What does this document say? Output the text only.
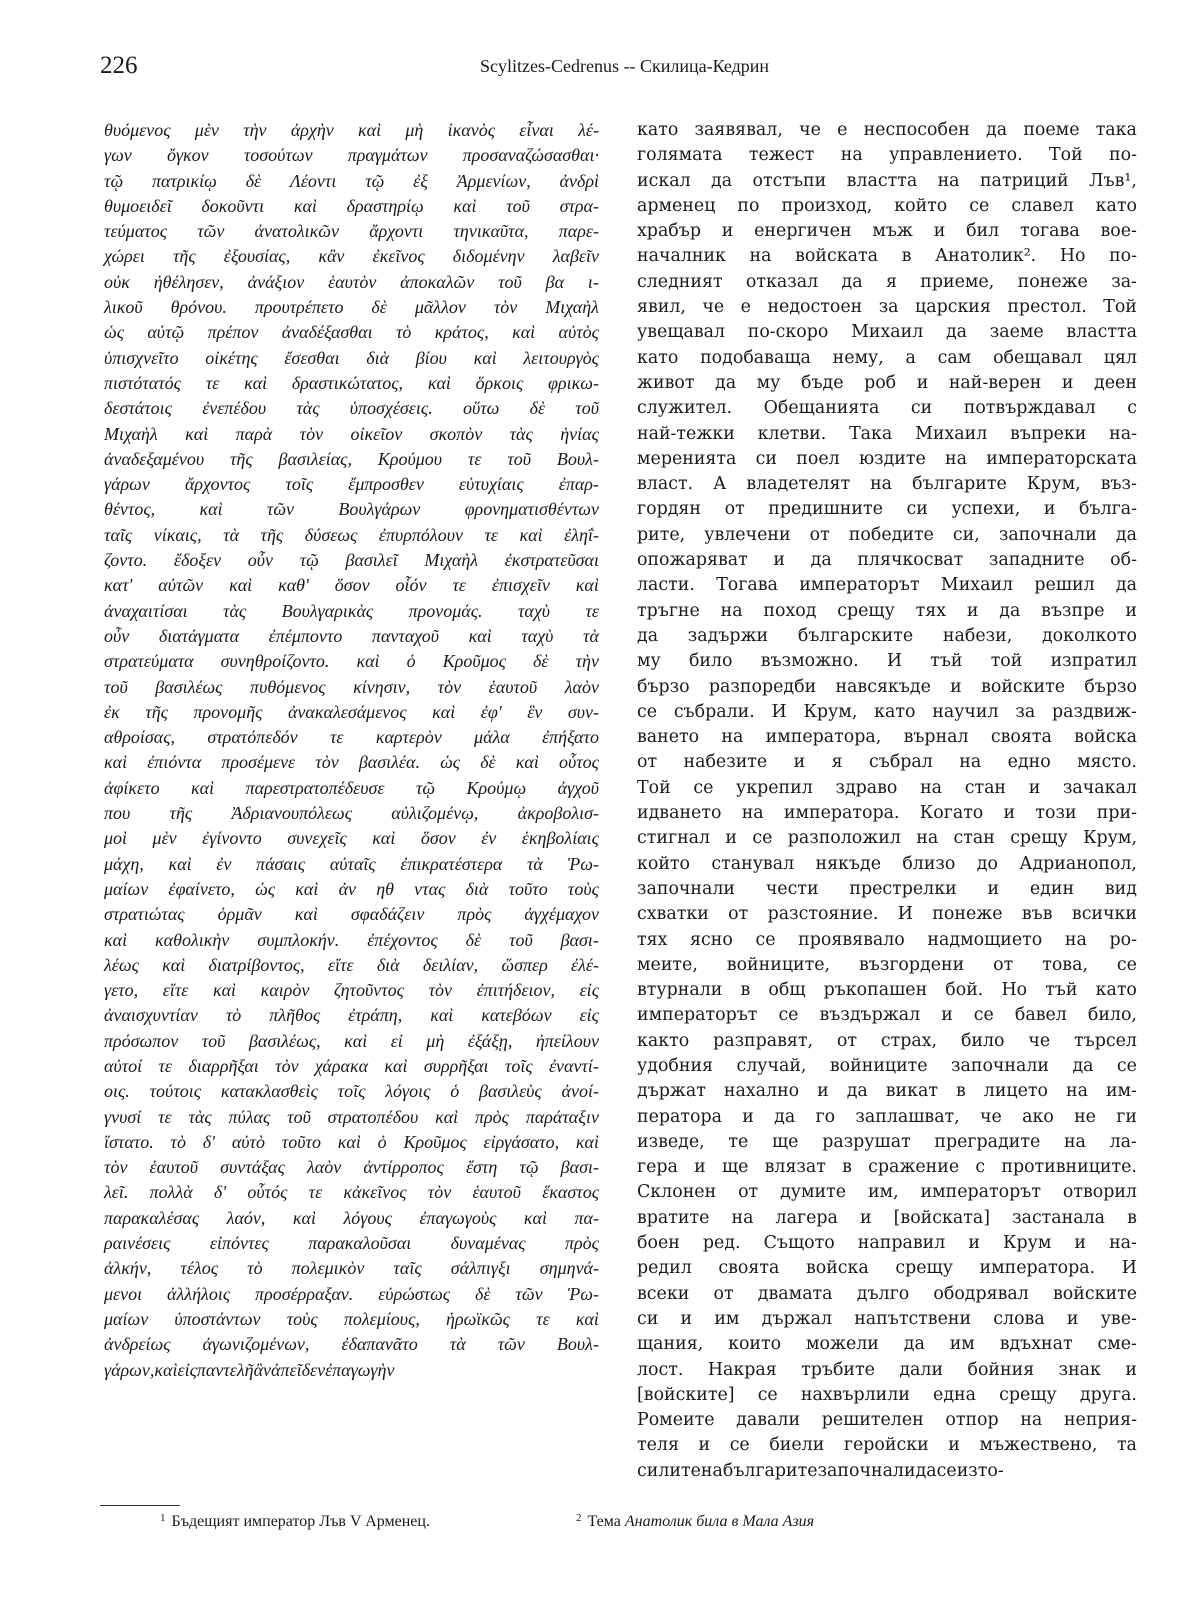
226	Scylitzes-Cedrenus -- Скилица-Кедрин
θυόμενος μὲν τὴν ἀρχὴν καὶ μὴ ἱκανὸς εἶναι λέ-
γων ὄγκον τοσούτων πραγμάτων προσαναζώσασθαι·
τῷ πατρικίῳ δὲ Λέοντι τῷ ἐξ Ἀρμενίων, ἀνδρὶ
θυμοειδεῖ δοκοῦντι καὶ δραστηρίῳ καὶ τοῦ στρα-
τεύματος τῶν ἀνατολικῶν ἄρχοντι τηνικαῦτα, παρε-
χώρει τῆς ἐξουσίας, κἂν ἐκεῖνος διδομένην λαβεῖν
οὐκ ἠθέλησεν, ἀνάξιον ἑαυτὸν ἀποκαλῶν τοῦ βα ι-
λικοῦ θρόνου. προυτρέπετο δὲ μᾶλλον τὸν Μιχαὴλ
ὡς αὐτῷ πρέπον ἀναδέξασθαι τὸ κράτος, καὶ αὐτὸς
ὑπισχνεῖτο οἰκέτης ἔσεσθαι διὰ βίου καὶ λειτουργὸς
πιστότατός τε καὶ δραστικώτατος, καὶ ὅρκοις φρικω-
δεστάτοις ἐνεπέδου τὰς ὑποσχέσεις. οὕτω δὲ τοῦ
Μιχαὴλ καὶ παρὰ τὸν οἰκεῖον σκοπὸν τὰς ἡνίας
ἀναδεξαμένου τῆς βασιλείας, Κρούμου τε τοῦ Βουλ-
γάρων ἄρχοντος τοῖς ἔμπροσθεν εὐτυχίαις ἐπαρ-
θέντος, καὶ τῶν Βουλγάρων φρονηματισθέντων
ταῖς νίκαις, τὰ τῆς δύσεως ἐπυρπόλουν τε καὶ ἐληΐ-
ζοντο. ἔδοξεν οὖν τῷ βασιλεῖ Μιχαὴλ ἐκστρατεῦσαι
κατ' αὐτῶν καὶ καθ' ὅσον οἷόν τε ἐπισχεῖν καὶ
ἀναχαιτίσαι τὰς Βουλγαρικὰς προνομάς. ταχὺ τε
οὖν διατάγματα ἐπέμποντο πανταχοῦ καὶ ταχὺ τὰ
στρατεύματα συνηθροίζοντο. καὶ ὁ Κροῦμος δὲ τὴν
τοῦ βασιλέως πυθόμενος κίνησιν, τὸν ἑαυτοῦ λαὸν
ἐκ τῆς προνομῆς ἀνακαλεσάμενος καὶ ἐφ' ἓν συν-
αθροίσας, στρατόπεδόν τε καρτερὸν μάλα ἐπήξατο
καὶ ἐπιόντα προσέμενε τὸν βασιλέα. ὡς δὲ καὶ οὗτος
ἀφίκετο καὶ παρεστρατοπέδευσε τῷ Κρούμῳ ἀγχοῦ
που τῆς Ἀδριανουπόλεως αὐλιζομένῳ, ἀκροβολισ-
μοὶ μὲν ἐγίνοντο συνεχεῖς καὶ ὅσον ἐν ἑκηβολίαις
μάχη, καὶ ἐν πάσαις αὐταῖς ἐπικρατέστερα τὰ Ῥω-
μαίων ἐφαίνετο, ὡς καὶ ἀν ηθ ντας διὰ τοῦτο τοὺς
στρατιώτας ὁρμᾶν καὶ σφαδάζειν πρὸς ἀγχέμαχον
καὶ καθολικὴν συμπλοκήν. ἐπέχοντος δὲ τοῦ βασι-
λέως καὶ διατρίβοντος, εἴτε διὰ δειλίαν, ὥσπερ ἐλέ-
γετο, εἴτε καὶ καιρὸν ζητοῦντος τὸν ἐπιτήδειον, εἰς
ἀναισχυντίαν τὸ πλῆθος ἐτράπη, καὶ κατεβόων εἰς
πρόσωπον τοῦ βασιλέως, καὶ εἰ μὴ ἐξάξῃ, ἠπείλουν
αὐτοί τε διαρρῆξαι τὸν χάρακα καὶ συρρῆξαι τοῖς ἐναντί-
οις. τούτοις κατακλασθεὶς τοῖς λόγοις ὁ βασιλεὺς ἀνοί-
γνυσί τε τὰς πύλας τοῦ στρατοπέδου καὶ πρὸς παράταξιν
ἵστατο. τὸ δ' αὐτὸ τοῦτο καὶ ὁ Κροῦμος εἰργάσατο, καὶ
τὸν ἑαυτοῦ συντάξας λαὸν ἀντίρροπος ἔστη τῷ βασι-
λεῖ. πολλὰ δ' οὗτός τε κἀκεῖνος τὸν ἑαυτοῦ ἕκαστος
παρακαλέσας λαόν, καὶ λόγους ἐπαγωγοὺς καὶ πα-
ραινέσεις εἰπόντες παρακαλοῦσαι δυναμένας πρὸς
ἀλκήν, τέλος τὸ πολεμικὸν ταῖς σάλπιγξι σημηνά-
μενοι ἀλλήλοις προσέρραξαν. εὐρώστως δὲ τῶν Ῥω-
μαίων ὑποστάντων τοὺς πολεμίους, ἡρωϊκῶς τε καὶ
ἀνδρείως ἀγωνιζομένων, ἐδαπανᾶτο τὰ τῶν Βουλ-
γάρων, καὶ εἰς παντελῆ ἂν ἀπεῖδεν ἐπαγωγὴν
като заявявал, че е неспособен да поеме така
голямата тежест на управлението. Той по-
искал да отстъпи властта на патриций Лъв¹,
арменец по произход, който се славел като
храбър и енергичен мъж и бил тогава вое-
началник на войската в Анатолик². Но по-
следният отказал да я приеме, понеже за-
явил, че е недостоен за царския престол. Той
увещавал по-скоро Михаил да заеме властта
като подобаваща нему, а сам обещавал цял
живот да му бъде роб и най-верен и деен
служител. Обещанията си потвърждавал с
най-тежки клетви. Така Михаил въпреки на-
меренията си поел юздите на императорската
власт. А владетелят на българите Крум, въз-
гордян от предишните си успехи, и бълга-
рите, увлечени от победите си, започнали да
опожаряват и да плячкосват западните об-
ласти. Тогава императорът Михаил решил да
тръгне на поход срещу тях и да възпре и
да задържи българските набези, доколкото
му било възможно. И тъй той изпратил
бързо разпоредби навсякъде и войските бързо
се събрали. И Крум, като научил за раздвиж-
ването на императора, върнал своята войска
от набезите и я събрал на едно място.
Той се укрепил здраво на стан и зачакал
идването на императора. Когато и този при-
стигнал и се разположил на стан срещу Крум,
който станувал някъде близо до Адрианопол,
започнали чести престрелки и един вид
схватки от разстояние. И понеже във всички
тях ясно се проявявало надмощието на ро-
меите, войниците, възгордени от това, се
втурнали в общ ръкопашен бой. Но тъй като
императорът се въздържал и се бавел било,
както разправят, от страх, било че търсел
удобния случай, войниците започнали да се
държат нахално и да викат в лицето на им-
ператора и да го заплашват, че ако не ги
изведе, те ще разрушат преградите на ла-
гера и ще влязат в сражение с противниците.
Склонен от думите им, императорът отворил
вратите на лагера и [войската] застанала в
боен ред. Същото направил и Крум и на-
редил своята войска срещу императора. И
всеки от двамата дълго ободрявал войските
си и им държал напътствени слова и уве-
щания, които можели да им вдъхнат сме-
лост. Накрая тръбите дали бойния знак и
[войските] се нахвърлили една срещу друга.
Ромеите давали решителен отпор на неприя-
теля и се биели геройски и мъжествено, та
силите на българите започнали да се изто-
$^1$ Бъдещият император Лъв V Арменец.	$^2$ Тема Анатолик била в Мала Азия
